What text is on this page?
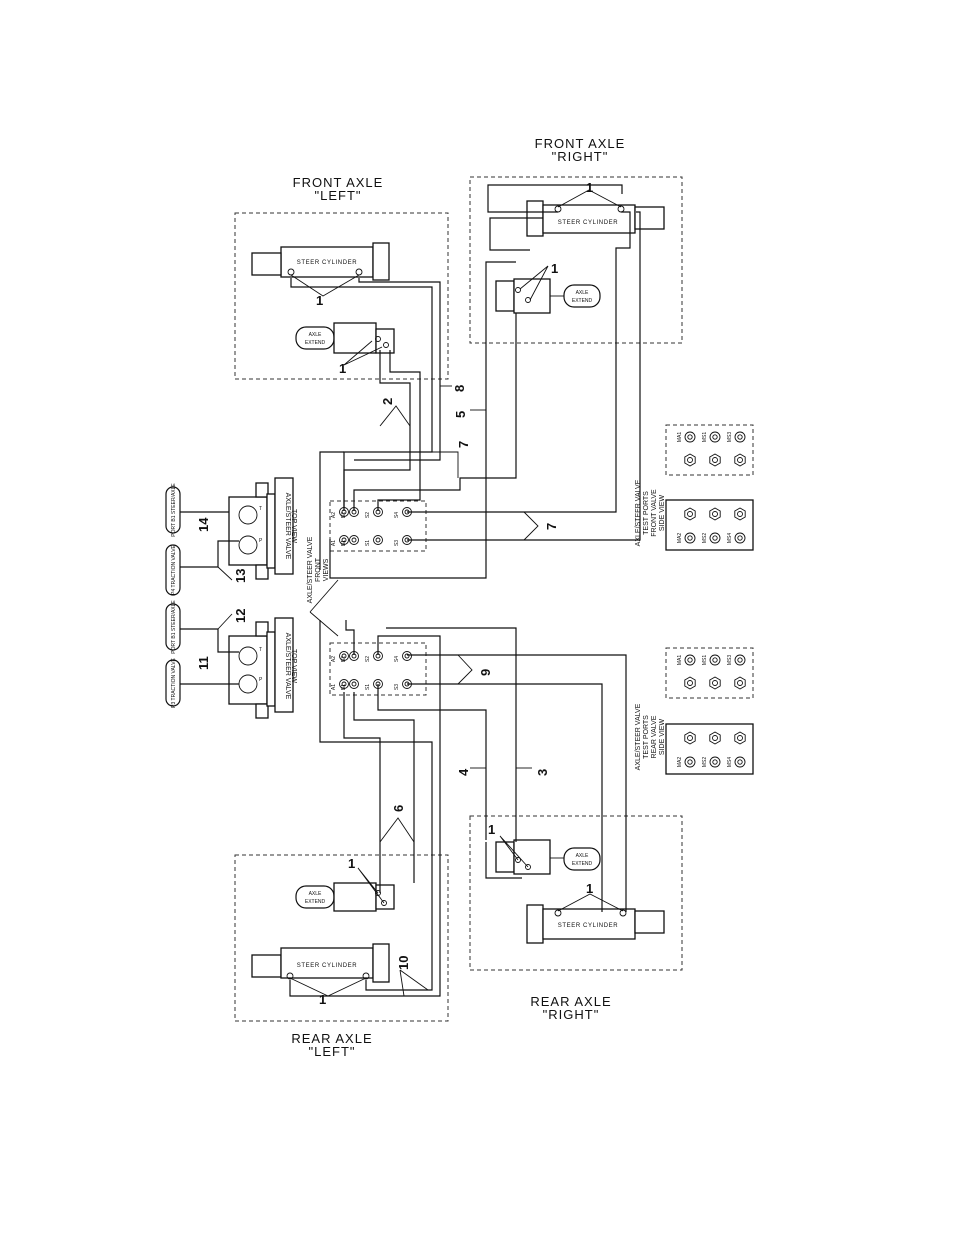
FRONT AXLE
"LEFT"
FRONT AXLE
"RIGHT"
REAR AXLE
"LEFT"
REAR AXLE
"RIGHT"
STEER CYLINDER
1
AXLE
EXTEND
1
STEER CYLINDER
1
AXLE
EXTEND
1
AXLE
EXTEND
1
STEER CYLINDER
1
AXLE
EXTEND
1
STEER CYLINDER
1
T
P	AXLE/STEER VALVE TOP VIEW
T
P	AXLE/STEER VALVE TOP VIEW
PORT B1 STEER/AXLE
P4 TRACTION VALVE
PORT B1 STEER/AXLE
P3 TRACTION VALVE
A2 B2	S2	S4
A1 B1	S1	S3
A2 B2	S2	S4
A1 B1	S1	S3
AXLE/STEER VALVE FRONT VIEWS
MA1	MS1	MS3
MA2	MS2	MS4
MA1	MS1	MS3
MA2	MS2	MS4
AXLE/STEER VALVE TEST PORTS FRONT VALVE SIDE VIEW
AXLE/STEER VALVE TEST PORTS REAR VALVE SIDE VIEW
2
3
4
5
6
7
7
8
9
10
11
12
13
14
